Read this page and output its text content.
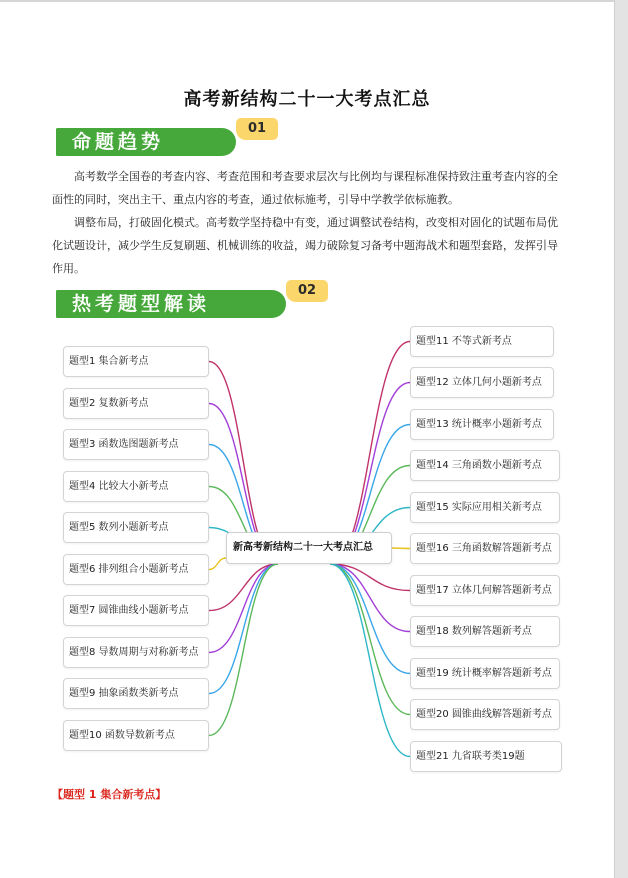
高考新结构二十一大考点汇总
命题趋势
01
高考数学全国卷的考查内容、考查范围和考查要求层次与比例均与课程标准保持致注重考查内容的全面性的同时，突出主干、重点内容的考查，通过依标施考，引导中学教学依标施教。
调整布局，打破固化模式。高考数学坚持稳中有变，通过调整试卷结构，改变相对固化的试题布局优化试题设计，减少学生反复刷题、机械训练的收益，竭力破除复习备考中题海战术和题型套路，发挥引导作用。
热考题型解读
02
题型1 集合新考点
题型2 复数新考点
题型3 函数选图题新考点
题型4 比较大小新考点
题型5 数列小题新考点
题型6 排列组合小题新考点
题型7 圆锥曲线小题新考点
题型8 导数周期与对称新考点
题型9 抽象函数类新考点
题型10 函数导数新考点
新高考新结构二十一大考点汇总
题型11 不等式新考点
题型12 立体几何小题新考点
题型13 统计概率小题新考点
题型14 三角函数小题新考点
题型15 实际应用相关新考点
题型16 三角函数解答题新考点
题型17 立体几何解答题新考点
题型18 数列解答题新考点
题型19 统计概率解答题新考点
题型20 圆锥曲线解答题新考点
题型21 九省联考类19题
【题型 1 集合新考点】
